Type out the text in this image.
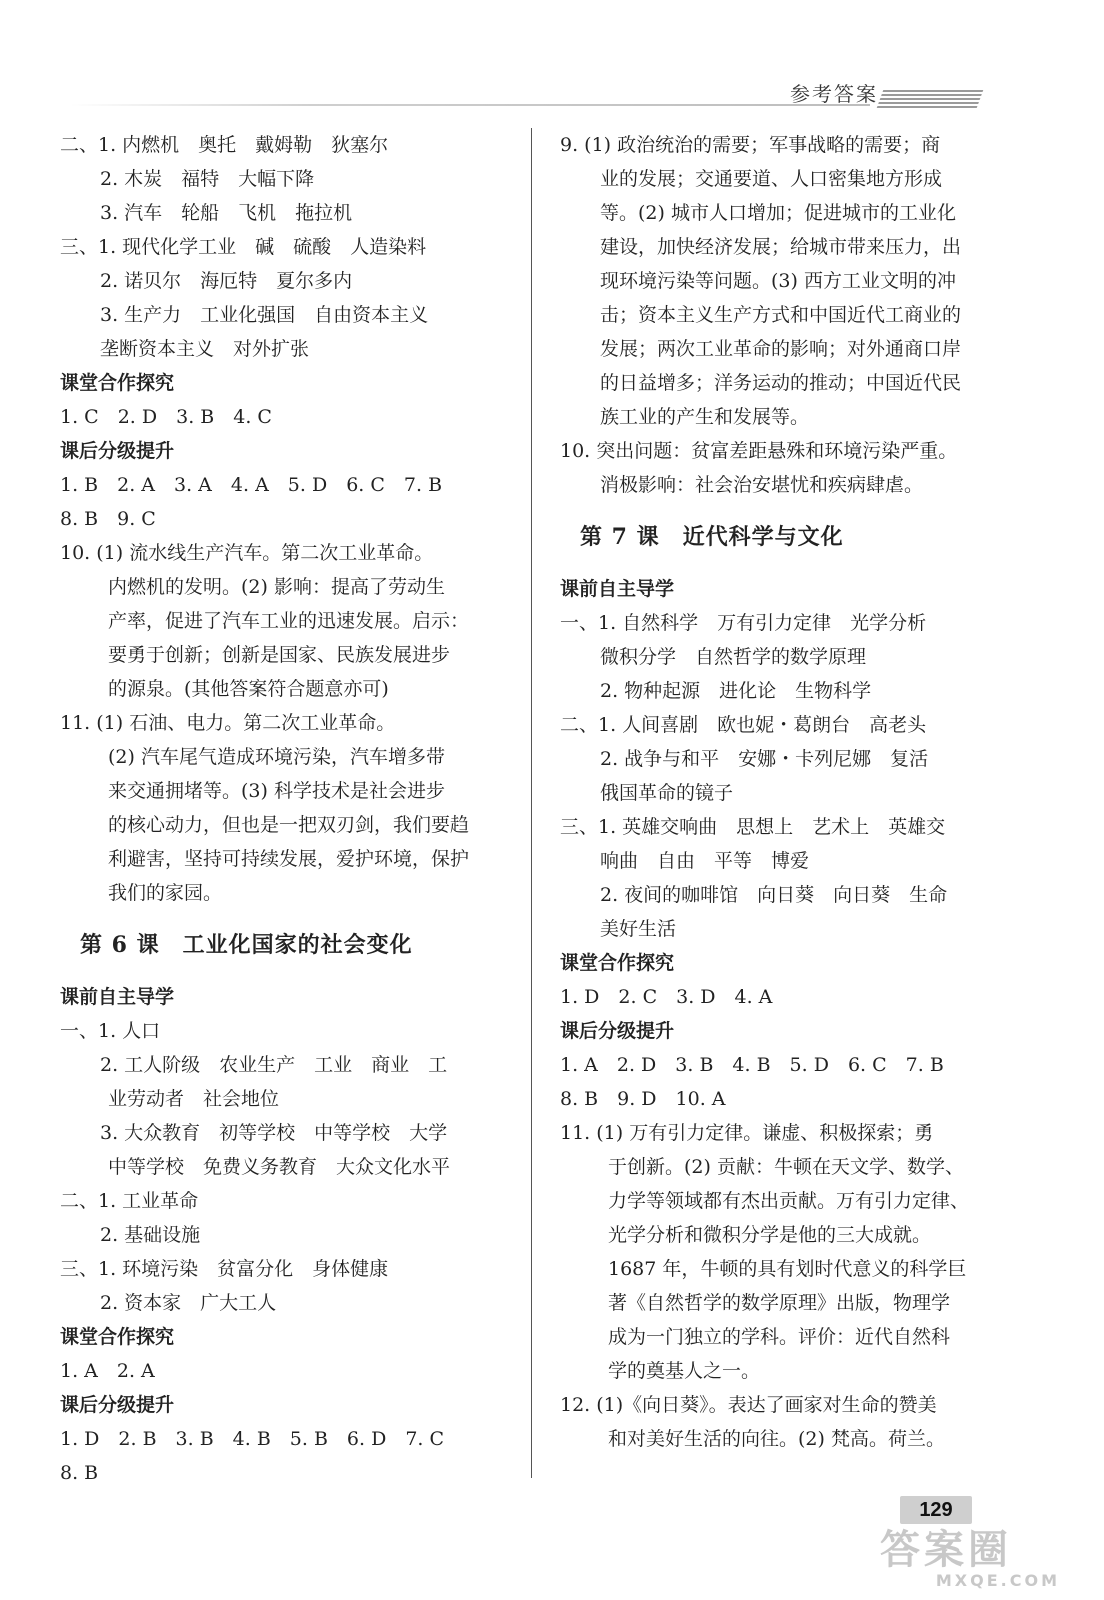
参考答案
二、1. 内燃机　奥托　戴姆勒　狄塞尔
2. 木炭　福特　大幅下降
3. 汽车　轮船　飞机　拖拉机
三、1. 现代化学工业　碱　硫酸　人造染料
2. 诺贝尔　海厄特　夏尔多内
3. 生产力　工业化强国　自由资本主义
垄断资本主义　对外扩张
课堂合作探究
1. C　2. D　3. B　4. C
课后分级提升
1. B　2. A　3. A　4. A　5. D　6. C　7. B
8. B　9. C
10. (1) 流水线生产汽车。第二次工业革命。
内燃机的发明。(2) 影响：提高了劳动生
产率，促进了汽车工业的迅速发展。启示：
要勇于创新；创新是国家、民族发展进步
的源泉。(其他答案符合题意亦可)
11. (1) 石油、电力。第二次工业革命。
(2) 汽车尾气造成环境污染，汽车增多带
来交通拥堵等。(3) 科学技术是社会进步
的核心动力，但也是一把双刃剑，我们要趋
利避害，坚持可持续发展，爱护环境，保护
我们的家园。
第 6 课　工业化国家的社会变化
课前自主导学
一、1. 人口
2. 工人阶级　农业生产　工业　商业　工
业劳动者　社会地位
3. 大众教育　初等学校　中等学校　大学
中等学校　免费义务教育　大众文化水平
二、1. 工业革命
2. 基础设施
三、1. 环境污染　贫富分化　身体健康
2. 资本家　广大工人
课堂合作探究
1. A　2. A
课后分级提升
1. D　2. B　3. B　4. B　5. B　6. D　7. C
8. B
9. (1) 政治统治的需要；军事战略的需要；商
业的发展；交通要道、人口密集地方形成
等。(2) 城市人口增加；促进城市的工业化
建设，加快经济发展；给城市带来压力，出
现环境污染等问题。(3) 西方工业文明的冲
击；资本主义生产方式和中国近代工商业的
发展；两次工业革命的影响；对外通商口岸
的日益增多；洋务运动的推动；中国近代民
族工业的产生和发展等。
10. 突出问题：贫富差距悬殊和环境污染严重。
消极影响：社会治安堪忧和疾病肆虐。
第 7 课　近代科学与文化
课前自主导学
一、1. 自然科学　万有引力定律　光学分析
微积分学　自然哲学的数学原理
2. 物种起源　进化论　生物科学
二、1. 人间喜剧　欧也妮・葛朗台　高老头
2. 战争与和平　安娜・卡列尼娜　复活
俄国革命的镜子
三、1. 英雄交响曲　思想上　艺术上　英雄交
响曲　自由　平等　博爱
2. 夜间的咖啡馆　向日葵　向日葵　生命
美好生活
课堂合作探究
1. D　2. C　3. D　4. A
课后分级提升
1. A　2. D　3. B　4. B　5. D　6. C　7. B
8. B　9. D　10. A
11. (1) 万有引力定律。谦虚、积极探索；勇
于创新。(2) 贡献：牛顿在天文学、数学、
力学等领域都有杰出贡献。万有引力定律、
光学分析和微积分学是他的三大成就。
1687 年，牛顿的具有划时代意义的科学巨
著《自然哲学的数学原理》出版，物理学
成为一门独立的学科。评价：近代自然科
学的奠基人之一。
12. (1)《向日葵》。表达了画家对生命的赞美
和对美好生活的向往。(2) 梵高。荷兰。
129
答案圈
MXQE.COM
